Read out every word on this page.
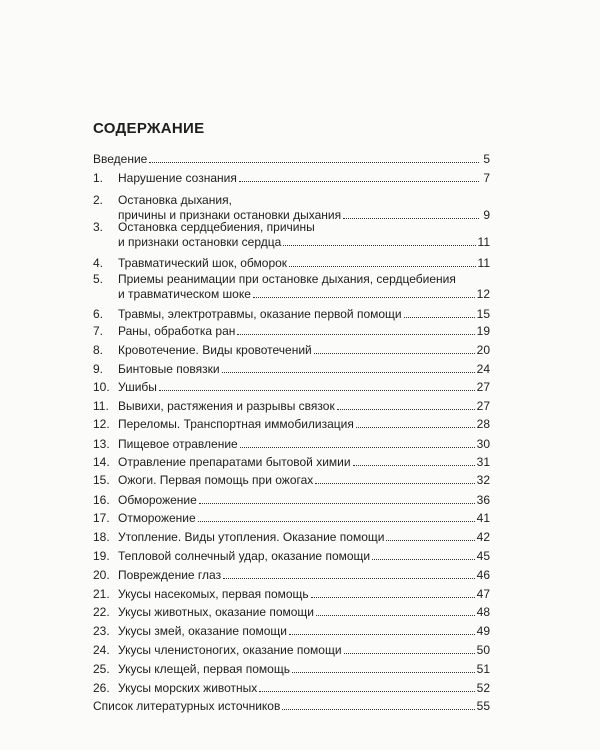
СОДЕРЖАНИЕ
Введение	5
1. Нарушение сознания	7
2. Остановка дыхания,
причины и признаки остановки дыхания	9
3. Остановка сердцебиения, причины
и признаки остановки сердца	11
4. Травматический шок, обморок	11
5. Приемы реанимации при остановке дыхания, сердцебиения
и травматическом шоке	12
6. Травмы, электротравмы, оказание первой помощи	15
7. Раны, обработка ран	19
8. Кровотечение. Виды кровотечений	20
9. Бинтовые повязки	24
10. Ушибы	27
11. Вывихи, растяжения и разрывы связок	27
12. Переломы. Транспортная иммобилизация	28
13. Пищевое отравление	30
14. Отравление препаратами бытовой химии	31
15. Ожоги. Первая помощь при ожогах	32
16. Обморожение	36
17. Отморожение	41
18. Утопление. Виды утопления. Оказание помощи	42
19. Тепловой солнечный удар, оказание помощи	45
20. Повреждение глаз	46
21. Укусы насекомых, первая помощь	47
22. Укусы животных, оказание помощи	48
23. Укусы змей, оказание помощи	49
24. Укусы членистоногих, оказание помощи	50
25. Укусы клещей, первая помощь	51
26. Укусы морских животных	52
Список литературных источников	55
